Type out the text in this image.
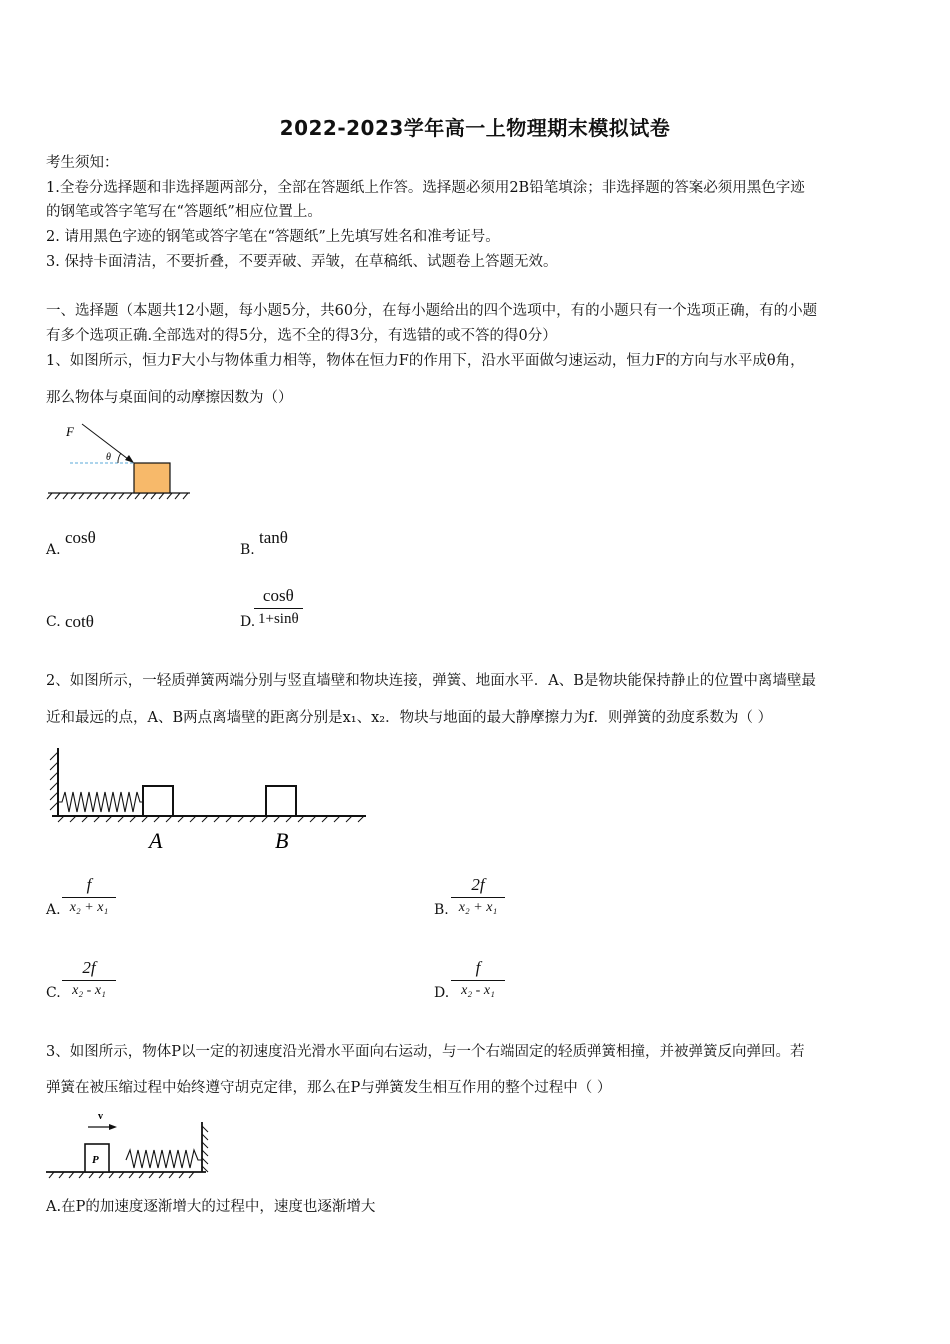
2022-2023学年高一上物理期末模拟试卷
考生须知：
1.全卷分选择题和非选择题两部分，全部在答题纸上作答。选择题必须用2B铅笔填涂；非选择题的答案必须用黑色字迹
的钢笔或答字笔写在“答题纸”相应位置上。
2. 请用黑色字迹的钢笔或答字笔在“答题纸”上先填写姓名和准考证号。
3. 保持卡面清洁，不要折叠，不要弄破、弄皱，在草稿纸、试题卷上答题无效。
一、选择题（本题共12小题，每小题5分，共60分，在每小题给出的四个选项中，有的小题只有一个选项正确，有的小题
有多个选项正确.全部选对的得5分，选不全的得3分，有选错的或不答的得0分）
1、如图所示，恒力F大小与物体重力相等，物体在恒力F的作用下，沿水平面做匀速运动，恒力F的方向与水平成θ角，
那么物体与桌面间的动摩擦因数为（）
F
θ
A.
cosθ
B.
tanθ
C. cotθ	D.
$\frac{\cos\theta}{1+\sin\theta}$
2、如图所示，一轻质弹簧两端分别与竖直墙壁和物块连接，弹簧、地面水平．A、B是物块能保持静止的位置中离墙壁最
近和最远的点，A、B两点离墙壁的距离分别是x₁、x₂．物块与地面的最大静摩擦力为f．则弹簧的劲度系数为（ ）
A	B
A.
f
x₂ + x₁	B.
2f
x₂ + x₁
C.
2f
x₂ - x₁	D.
f
x₂ - x₁
3、如图所示，物体P以一定的初速度沿光滑水平面向右运动，与一个右端固定的轻质弹簧相撞，并被弹簧反向弹回。若
弹簧在被压缩过程中始终遵守胡克定律，那么在P与弹簧发生相互作用的整个过程中（ ）
P
v
A.在P的加速度逐渐增大的过程中，速度也逐渐增大
